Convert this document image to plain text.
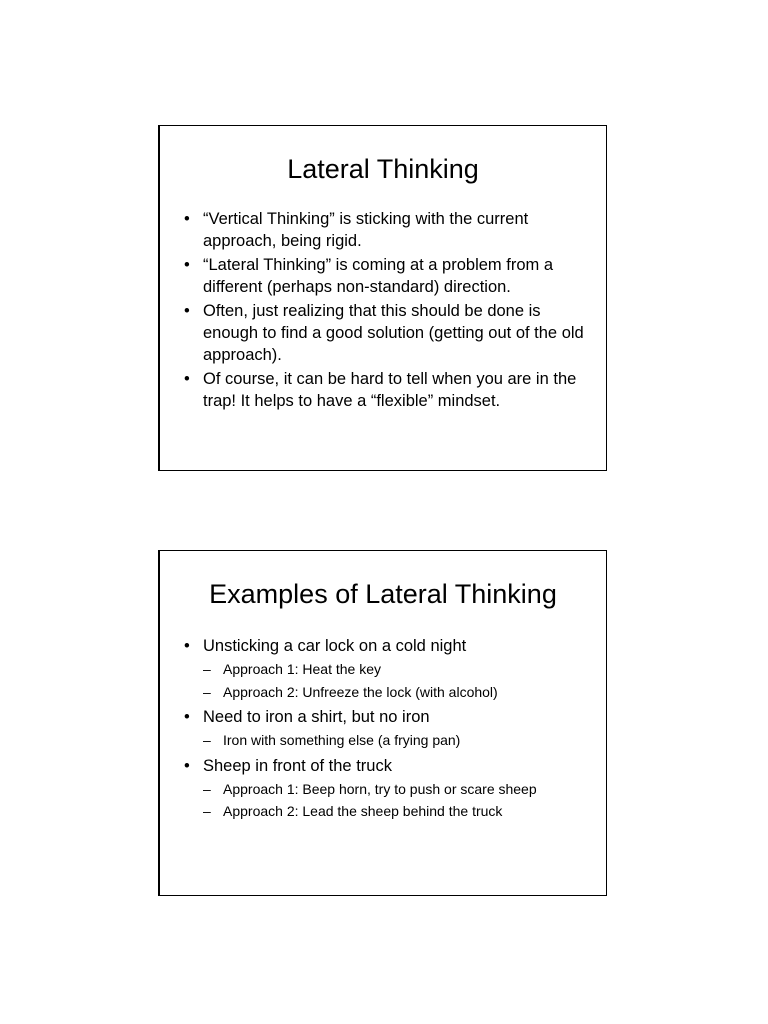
Lateral Thinking
• “Vertical Thinking” is sticking with the current approach, being rigid.
• “Lateral Thinking” is coming at a problem from a different (perhaps non-standard) direction.
• Often, just realizing that this should be done is enough to find a good solution (getting out of the old approach).
• Of course, it can be hard to tell when you are in the trap! It helps to have a “flexible” mindset.
Examples of Lateral Thinking
• Unsticking a car lock on a cold night
– Approach 1: Heat the key
– Approach 2: Unfreeze the lock (with alcohol)
• Need to iron a shirt, but no iron
– Iron with something else (a frying pan)
• Sheep in front of the truck
– Approach 1: Beep horn, try to push or scare sheep
– Approach 2: Lead the sheep behind the truck
